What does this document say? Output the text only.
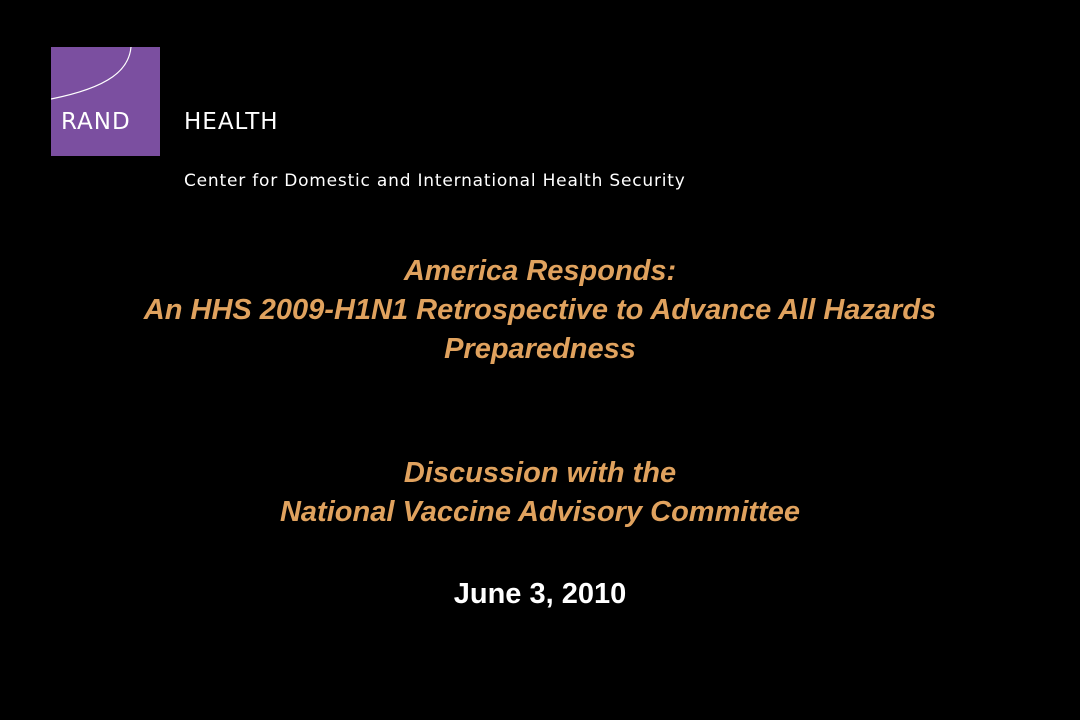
RAND HEALTH
Center for Domestic and International Health Security
America Responds:
An HHS 2009-H1N1 Retrospective to Advance All Hazards
Preparedness
Discussion with the
National Vaccine Advisory Committee
June 3, 2010
